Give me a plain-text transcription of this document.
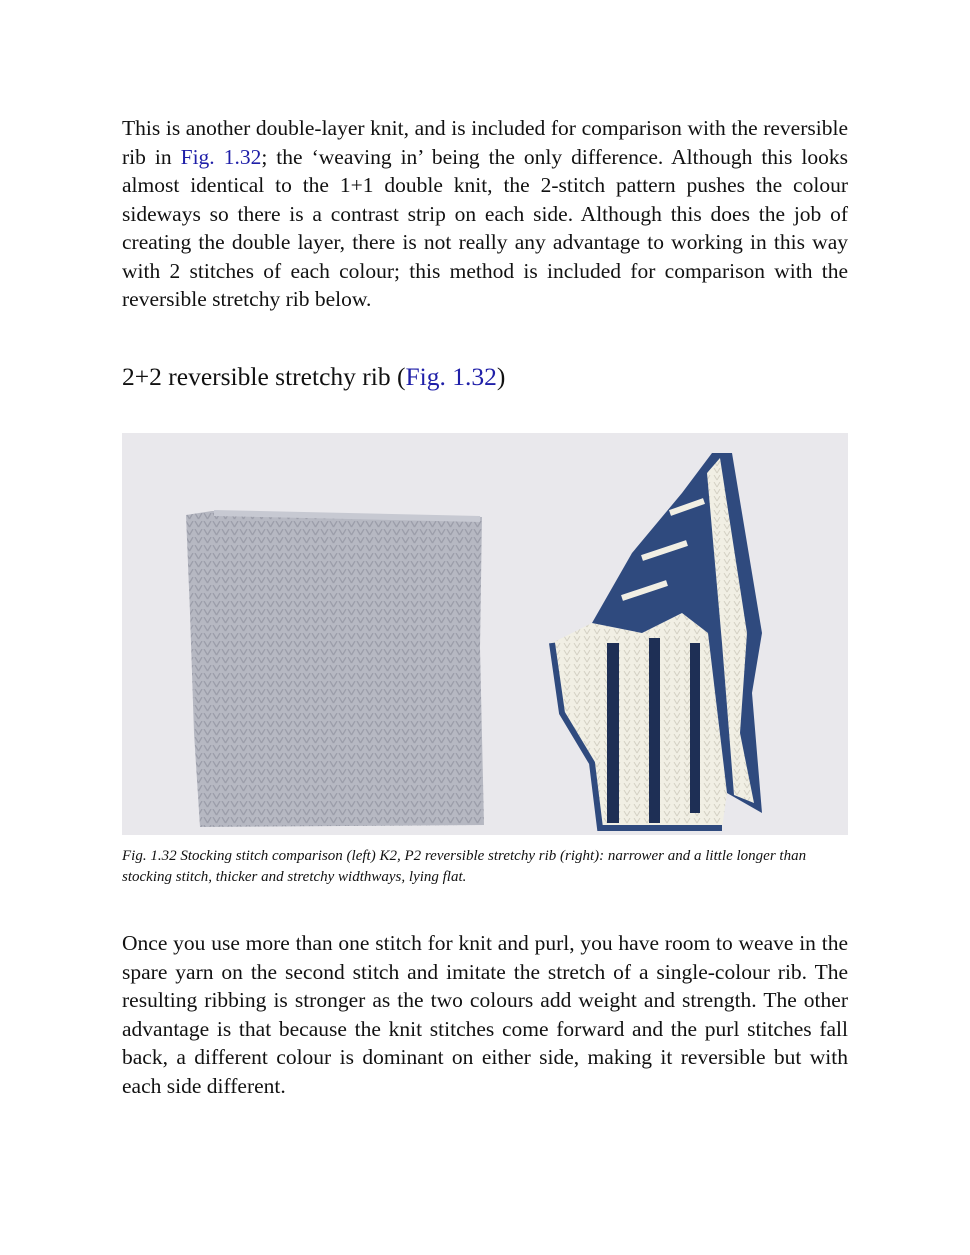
This is another double-layer knit, and is included for comparison with the reversible rib in Fig. 1.32; the ‘weaving in’ being the only difference. Although this looks almost identical to the 1+1 double knit, the 2-stitch pattern pushes the colour sideways so there is a contrast strip on each side. Although this does the job of creating the double layer, there is not really any advantage to working in this way with 2 stitches of each colour; this method is included for comparison with the reversible stretchy rib below.

2+2 reversible stretchy rib (Fig. 1.32)

Fig. 1.32 Stocking stitch comparison (left) K2, P2 reversible stretchy rib (right): narrower and a little longer than stocking stitch, thicker and stretchy widthways, lying flat.

Once you use more than one stitch for knit and purl, you have room to weave in the spare yarn on the second stitch and imitate the stretch of a single-colour rib. The resulting ribbing is stronger as the two colours add weight and strength. The other advantage is that because the knit stitches come forward and the purl stitches fall back, a different colour is dominant on either side, making it reversible but with each side different.
